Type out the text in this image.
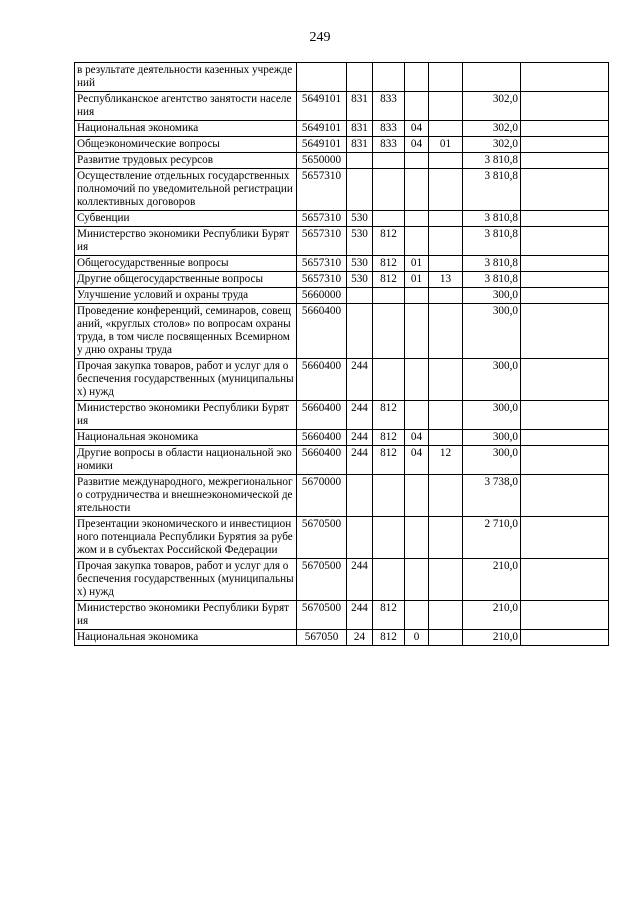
249
в результате деятельности казенных учреждений							
Республиканское агентство занятости населения	5649101	831	833			302,0	
Национальная экономика	5649101	831	833	04		302,0	
Общеэкономические вопросы	5649101	831	833	04	01	302,0	
Развитие трудовых ресурсов	5650000					3 810,8	
Осуществление отдельных государственных полномочий по уведомительной регистрации коллективных договоров	5657310					3 810,8	
Субвенции	5657310	530				3 810,8	
Министерство экономики Республики Бурятия	5657310	530	812			3 810,8	
Общегосударственные вопросы	5657310	530	812	01		3 810,8	
Другие общегосударственные вопросы	5657310	530	812	01	13	3 810,8	
Улучшение условий и охраны труда	5660000					300,0	
Проведение конференций, семинаров, совещаний, «круглых столов» по вопросам охраны труда, в том числе посвященных Всемирному дню охраны труда	5660400					300,0	
Прочая закупка товаров, работ и услуг для обеспечения государственных (муниципальных) нужд	5660400	244				300,0	
Министерство экономики Республики Бурятия	5660400	244	812			300,0	
Национальная экономика	5660400	244	812	04		300,0	
Другие вопросы в области национальной экономики	5660400	244	812	04	12	300,0	
Развитие международного, межрегионального сотрудничества и внешнеэкономической деятельности	5670000					3 738,0	
Презентации экономического и инвестиционного потенциала Республики Бурятия за рубежом и в субъектах Российской Федерации	5670500					2 710,0	
Прочая закупка товаров, работ и услуг для обеспечения государственных (муниципальных) нужд	5670500	244				210,0	
Министерство экономики Республики Бурятия	5670500	244	812			210,0	
Национальная экономика	567050	24	812	0		210,0	
